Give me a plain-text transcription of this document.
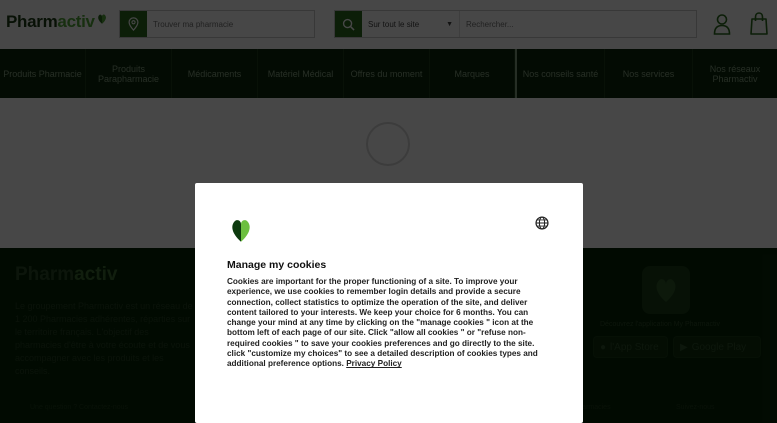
Trouver ma pharmacie
Rechercher...
Manage my cookies
Cookies are important for the proper functioning of a site. To improve your experience, we use cookies to remember login details and provide a secure connection, collect statistics to optimize the operation of the site, and deliver content tailored to your interests. We keep your choice for 6 months. You can change your mind at any time by clicking on the "manage cookies " icon at the bottom left of each page of our site. Click "allow all cookies " or "refuse non-required cookies " to save your cookies preferences and go directly to the site. click "customize my choices" to see a detailed description of cookies types and additional preference options. Privacy Policy
